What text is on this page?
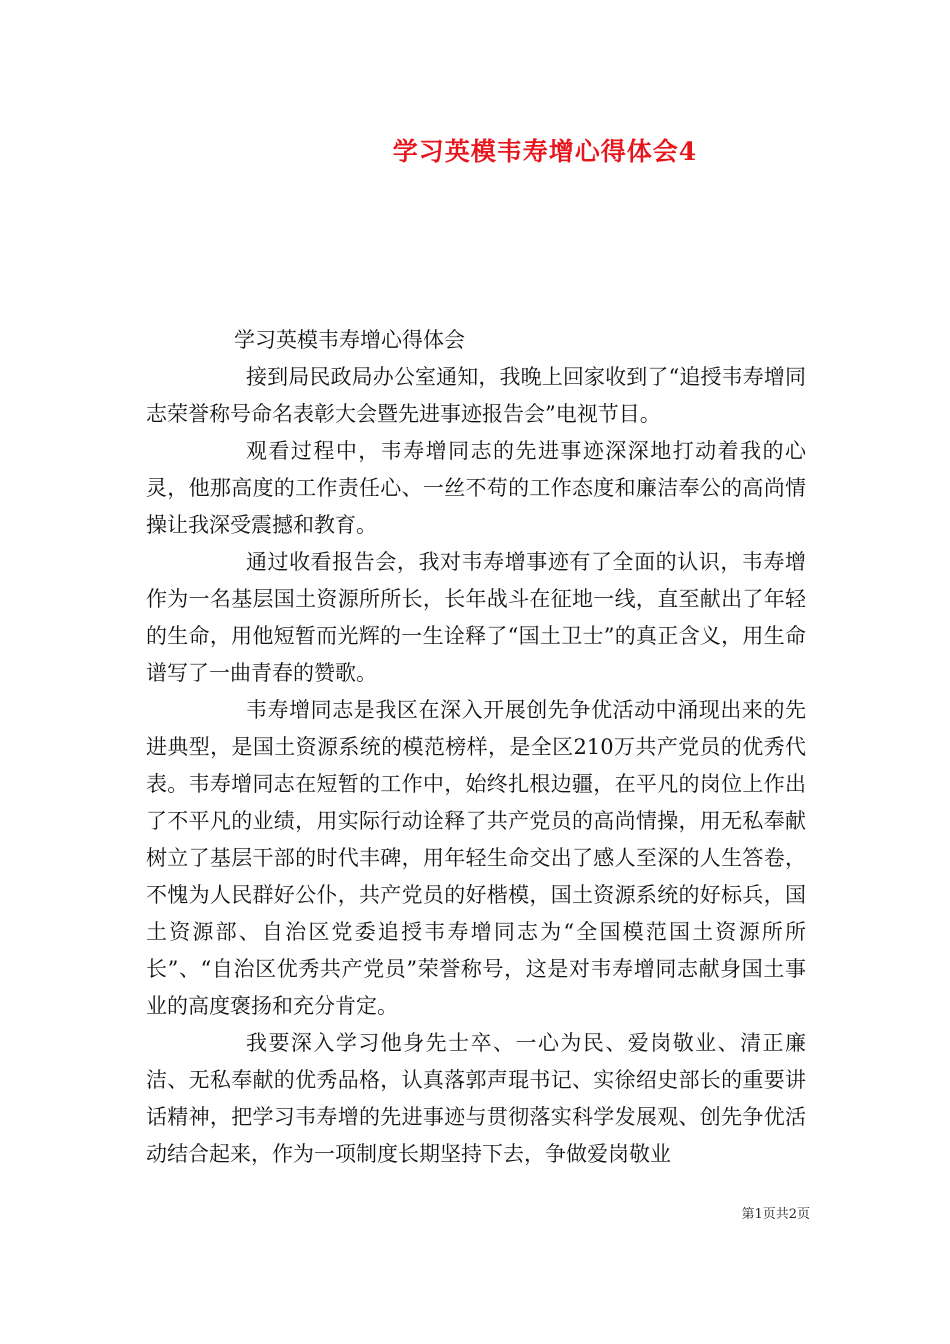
学习英模韦寿增心得体会4

学习英模韦寿增心得体会

接到局民政局办公室通知，我晚上回家收到了“追授韦寿增同志荣誉称号命名表彰大会暨先进事迹报告会”电视节目。

观看过程中，韦寿增同志的先进事迹深深地打动着我的心灵，他那高度的工作责任心、一丝不苟的工作态度和廉洁奉公的高尚情操让我深受震撼和教育。

通过收看报告会，我对韦寿增事迹有了全面的认识，韦寿增作为一名基层国土资源所所长，长年战斗在征地一线，直至献出了年轻的生命，用他短暂而光辉的一生诠释了“国土卫士”的真正含义，用生命谱写了一曲青春的赞歌。

韦寿增同志是我区在深入开展创先争优活动中涌现出来的先进典型，是国土资源系统的模范榜样，是全区210万共产党员的优秀代表。韦寿增同志在短暂的工作中，始终扎根边疆，在平凡的岗位上作出了不平凡的业绩，用实际行动诠释了共产党员的高尚情操，用无私奉献树立了基层干部的时代丰碑，用年轻生命交出了感人至深的人生答卷，不愧为人民群好公仆，共产党员的好楷模，国土资源系统的好标兵，国土资源部、自治区党委追授韦寿增同志为“全国模范国土资源所所长”、“自治区优秀共产党员”荣誉称号，这是对韦寿增同志献身国土事业的高度褒扬和充分肯定。

我要深入学习他身先士卒、一心为民、爱岗敬业、清正廉洁、无私奉献的优秀品格，认真落郭声琨书记、实徐绍史部长的重要讲话精神，把学习韦寿增的先进事迹与贯彻落实科学发展观、创先争优活动结合起来，作为一项制度长期坚持下去，争做爱岗敬业

第1页共2页
